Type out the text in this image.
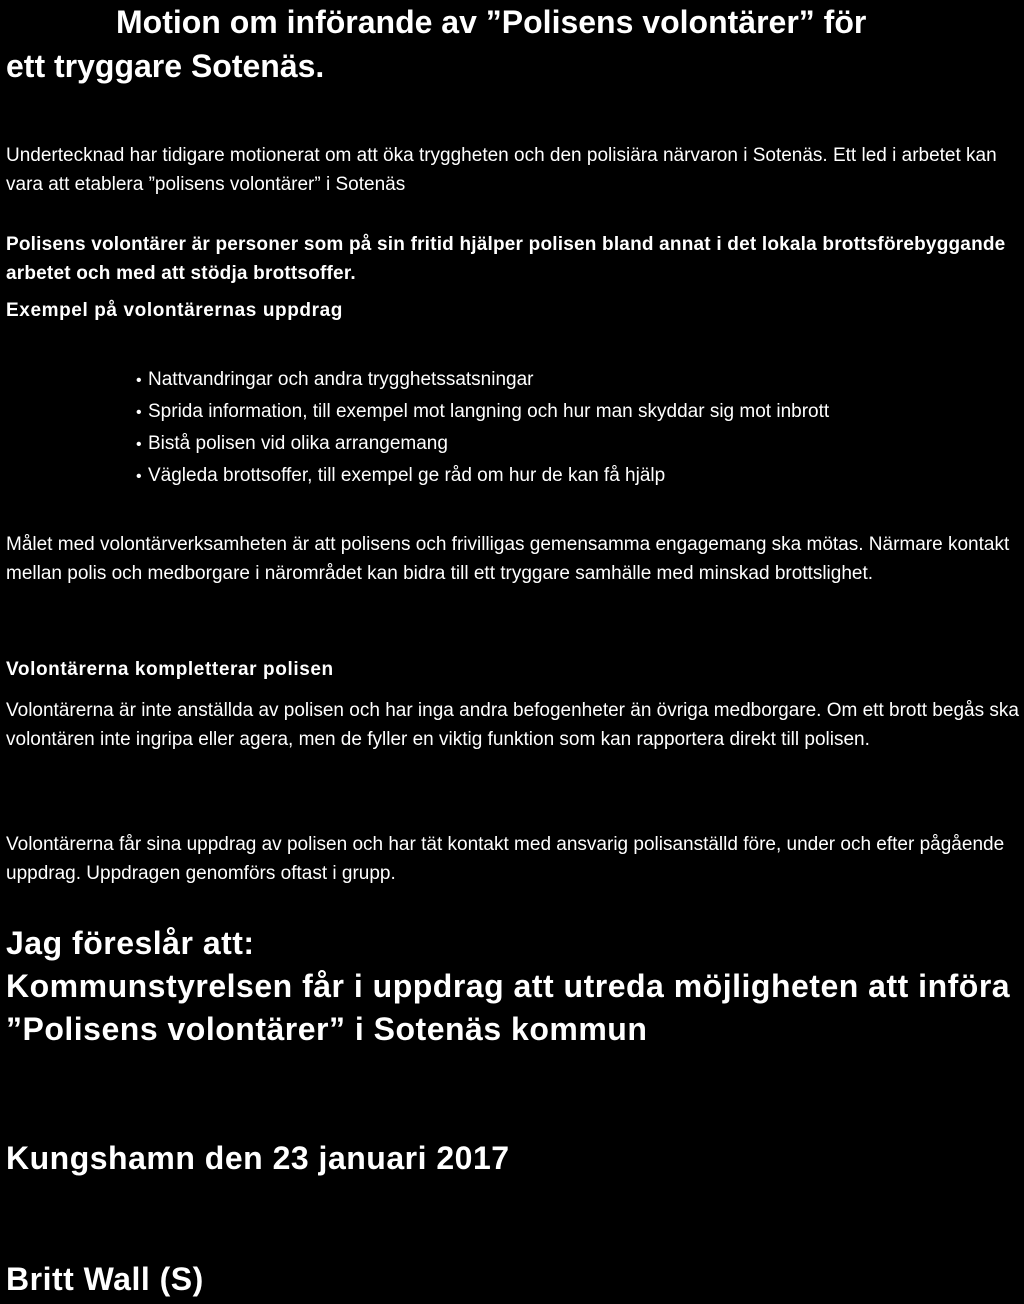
Motion om införande av ”Polisens volontärer” för
ett tryggare Sotenäs.

Undertecknad har tidigare motionerat om att öka tryggheten och den polisiära närvaron i Sotenäs. Ett led i arbetet kan vara att etablera ”polisens volontärer” i Sotenäs

Polisens volontärer är personer som på sin fritid hjälper polisen bland annat i det lokala brottsförebyggande arbetet och med att stödja brottsoffer.

Exempel på volontärernas uppdrag

• Nattvandringar och andra trygghetssatsningar
• Sprida information, till exempel mot langning och hur man skyddar sig mot inbrott
• Bistå polisen vid olika arrangemang
• Vägleda brottsoffer, till exempel ge råd om hur de kan få hjälp

Målet med volontärverksamheten är att polisens och frivilligas gemensamma engagemang ska mötas. Närmare kontakt mellan polis och medborgare i närområdet kan bidra till ett tryggare samhälle med minskad brottslighet.

Volontärerna kompletterar polisen

Volontärerna är inte anställda av polisen och har inga andra befogenheter än övriga medborgare. Om ett brott begås ska volontären inte ingripa eller agera, men de fyller en viktig funktion som kan rapportera direkt till polisen.

Volontärerna får sina uppdrag av polisen och har tät kontakt med ansvarig polisanställd före, under och efter pågående uppdrag. Uppdragen genomförs oftast i grupp.

Jag föreslår att:

Kommunstyrelsen får i uppdrag att utreda möjligheten att införa ”Polisens volontärer” i Sotenäs kommun

Kungshamn den 23 januari 2017

Britt Wall (S)
